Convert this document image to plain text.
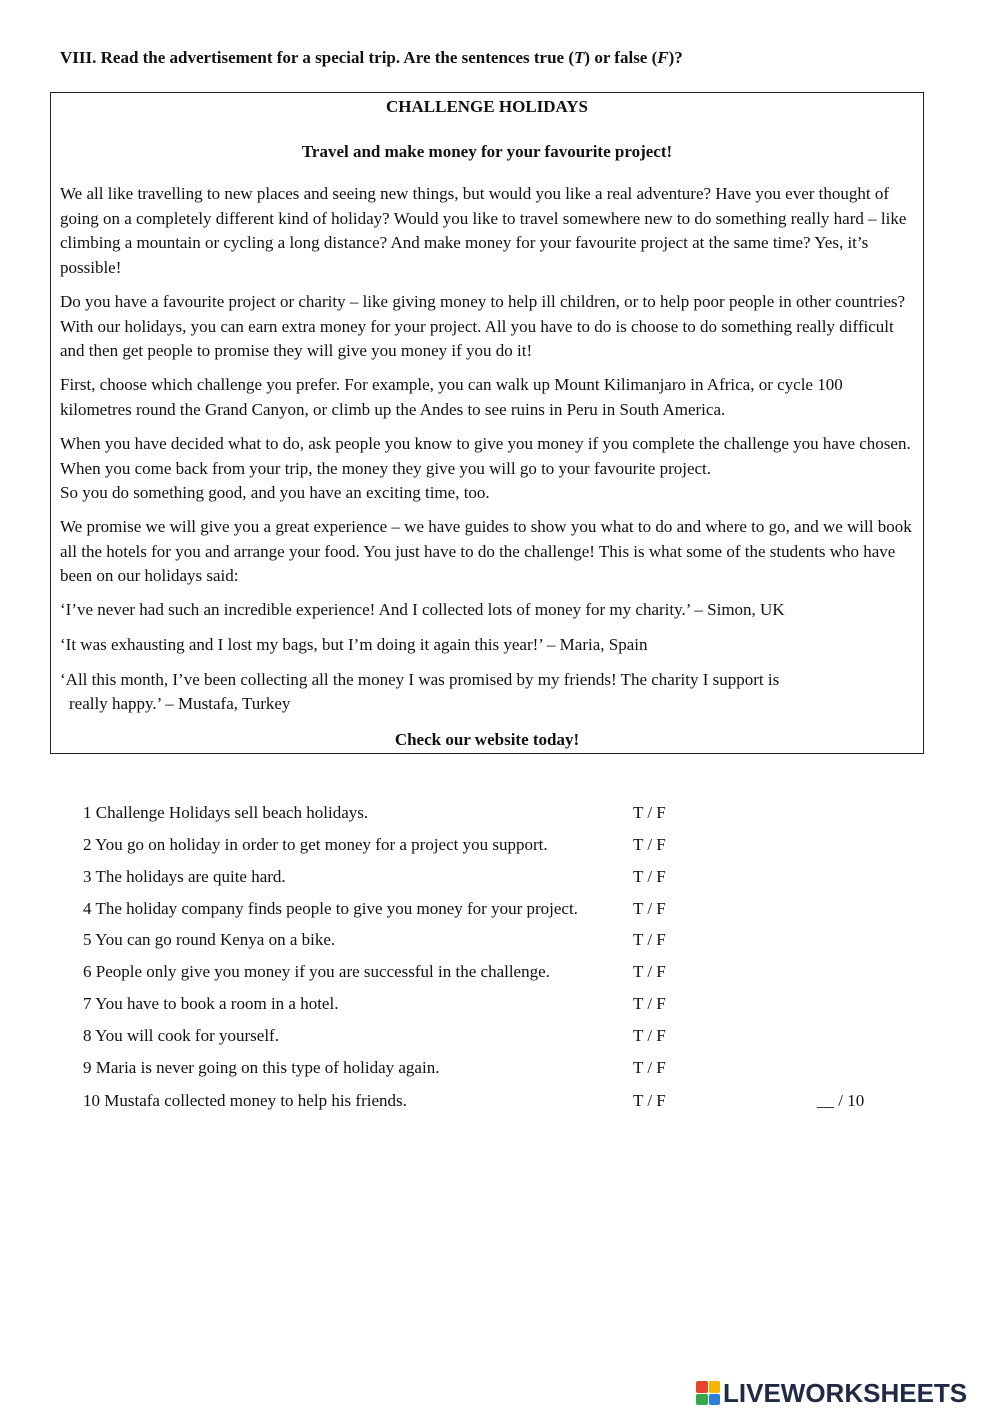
VIII. Read the advertisement for a special trip. Are the sentences true (T) or false (F)?
CHALLENGE HOLIDAYS
Travel and make money for your favourite project!
We all like travelling to new places and seeing new things, but would you like a real adventure? Have you ever thought of going on a completely different kind of holiday? Would you like to travel somewhere new to do something really hard – like climbing a mountain or cycling a long distance? And make money for your favourite project at the same time? Yes, it’s possible!
Do you have a favourite project or charity – like giving money to help ill children, or to help poor people in other countries? With our holidays, you can earn extra money for your project. All you have to do is choose to do something really difficult and then get people to promise they will give you money if you do it!
First, choose which challenge you prefer. For example, you can walk up Mount Kilimanjaro in Africa, or cycle 100 kilometres round the Grand Canyon, or climb up the Andes to see ruins in Peru in South America.
When you have decided what to do, ask people you know to give you money if you complete the challenge you have chosen. When you come back from your trip, the money they give you will go to your favourite project.
So you do something good, and you have an exciting time, too.
We promise we will give you a great experience – we have guides to show you what to do and where to go, and we will book all the hotels for you and arrange your food. You just have to do the challenge! This is what some of the students who have been on our holidays said:
‘I’ve never had such an incredible experience! And I collected lots of money for my charity.’ – Simon, UK
‘It was exhausting and I lost my bags, but I’m doing it again this year!’ – Maria, Spain
‘All this month, I’ve been collecting all the money I was promised by my friends! The charity I support is
really happy.’ – Mustafa, Turkey
Check our website today!
1 Challenge Holidays sell beach holidays.	T / F
2 You go on holiday in order to get money for a project you support.	T / F
3 The holidays are quite hard.	T / F
4 The holiday company finds people to give you money for your project.	T / F
5 You can go round Kenya on a bike.	T / F
6 People only give you money if you are successful in the challenge.	T / F
7 You have to book a room in a hotel.	T / F
8 You will cook for yourself.	T / F
9 Maria is never going on this type of holiday again.	T / F
10 Mustafa collected money to help his friends.	T / F	__ / 10
LIVEWORKSHEETS
